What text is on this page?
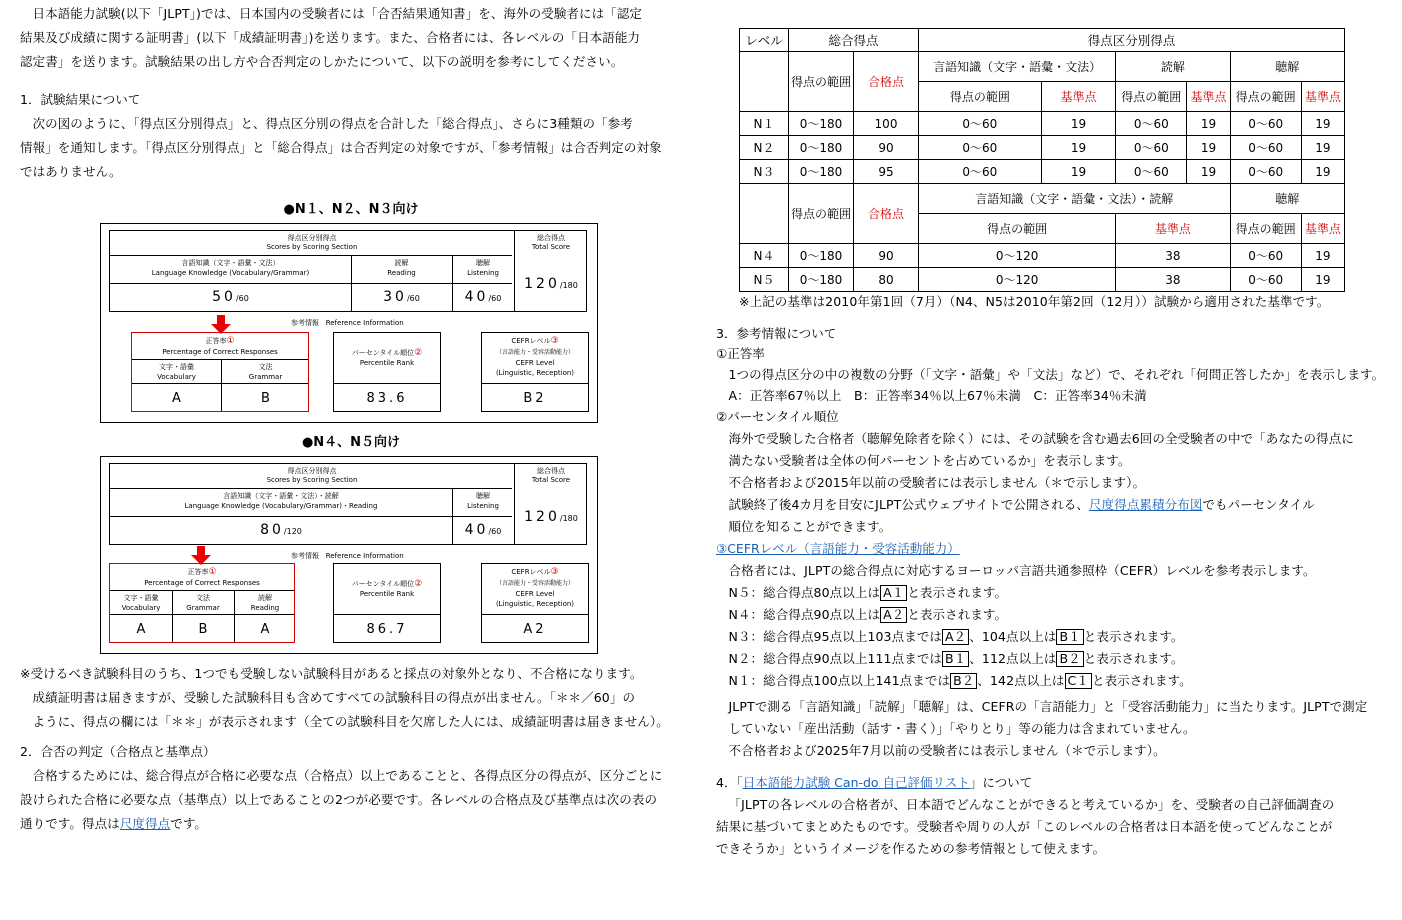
日本語能力試験(以下「JLPT」)では、日本国内の受験者には「合否結果通知書」を、海外の受験者には「認定

結果及び成績に関する証明書」(以下「成績証明書」)を送ります。また、合格者には、各レベルの「日本語能力

認定書」を送ります。試験結果の出し方や合否判定のしかたについて、以下の説明を参考にしてください。

1．試験結果について

次の図のように、「得点区分別得点」と、得点区分別の得点を合計した「総合得点」、さらに3種類の「参考

情報」を通知します。「得点区分別得点」と「総合得点」は合否判定の対象ですが、「参考情報」は合否判定の対象

ではありません。

●N１、N２、N３向け

得点区分別得点
Scores by Scoring Section
総合得点
Total Score
言語知識（文字・語彙・文法）
Language Knowledge (Vocabulary/Grammar)
読解
Reading
聴解
Listening
50/60	30/60	40/60
120/180
参考情報 Reference Information
正答率①
Percentage of Correct Responses
文字・語彙
Vocabulary
文法
Grammar
A	B
パーセンタイル順位②
Percentile Rank
83.6
CEFRレベル③
（言語能力・受容活動能力）
CEFR Level
(Linguistic, Reception)
B2

●N４、N５向け

得点区分別得点
Scores by Scoring Section
総合得点
Total Score
言語知識（文字・語彙・文法）・読解
Language Knowledge (Vocabulary/Grammar)・Reading
聴解
Listening
80/120	40/60
120/180
参考情報 Reference Information
正答率①
Percentage of Correct Responses
文字・語彙
Vocabulary
文法
Grammar
読解
Reading
A	B	A
パーセンタイル順位②
Percentile Rank
86.7
CEFRレベル③
（言語能力・受容活動能力）
CEFR Level
(Linguistic, Reception)
A2

※受けるべき試験科目のうち、1つでも受験しない試験科目があると採点の対象外となり、不合格になります。

成績証明書は届きますが、受験した試験科目も含めてすべての試験科目の得点が出ません。「＊＊／60」の

ように、得点の欄には「＊＊」が表示されます（全ての試験科目を欠席した人には、成績証明書は届きません）。

2．合否の判定（合格点と基準点）

合格するためには、総合得点が合格に必要な点（合格点）以上であることと、各得点区分の得点が、区分ごとに

設けられた合格に必要な点（基準点）以上であることの2つが必要です。各レベルの合格点及び基準点は次の表の

通りです。得点は尺度得点です。

レベル	総合得点		得点区分別得点					
	得点の範囲	合格点	言語知識（文字・語彙・文法）		読解		聴解	
			得点の範囲	基準点	得点の範囲	基準点	得点の範囲	基準点
N１	0～180	100	0～60	19	0～60	19	0～60	19
N２	0～180	90	0～60	19	0～60	19	0～60	19
N３	0～180	95	0～60	19	0～60	19	0～60	19
	得点の範囲	合格点	言語知識（文字・語彙・文法）・読解				聴解	
			得点の範囲		基準点		得点の範囲	基準点
N４	0～180	90	0～120		38		0～60	19
N５	0～180	80	0～120		38		0～60	19

※上記の基準は2010年第1回（7月）（N4、N5は2010年第2回（12月））試験から適用された基準です。

3．参考情報について

①正答率

1つの得点区分の中の複数の分野（「文字・語彙」や「文法」など）で、それぞれ「何問正答したか」を表示します。

A：正答率67％以上　B：正答率34％以上67％未満　C：正答率34％未満

②パーセンタイル順位

海外で受験した合格者（聴解免除者を除く）には、その試験を含む過去6回の全受験者の中で「あなたの得点に

満たない受験者は全体の何パーセントを占めているか」を表示します。

不合格者および2015年以前の受験者には表示しません（＊で示します）。

試験終了後4カ月を目安にJLPT公式ウェブサイトで公開される、尺度得点累積分布図でもパーセンタイル

順位を知ることができます。

③CEFRレベル（言語能力・受容活動能力）

合格者には、JLPTの総合得点に対応するヨーロッパ言語共通参照枠（CEFR）レベルを参考表示します。

N５：総合得点80点以上は A１ と表示されます。

N４：総合得点90点以上は A２ と表示されます。

N３：総合得点95点以上103点までは A２ 、104点以上は B１ と表示されます。

N２：総合得点90点以上111点までは B１ 、112点以上は B２ と表示されます。

N１：総合得点100点以上141点までは B２ 、142点以上は C１ と表示されます。

JLPTで測る「言語知識」「読解」「聴解」は、CEFRの「言語能力」と「受容活動能力」に当たります。JLPTで測定

していない「産出活動（話す・書く）」「やりとり」等の能力は含まれていません。

不合格者および2025年7月以前の受験者には表示しません（＊で示します）。

4．「日本語能力試験 Can-do 自己評価リスト」について

「JLPTの各レベルの合格者が、日本語でどんなことができると考えているか」を、受験者の自己評価調査の

結果に基づいてまとめたものです。受験者や周りの人が「このレベルの合格者は日本語を使ってどんなことが

できそうか」というイメージを作るための参考情報として使えます。
